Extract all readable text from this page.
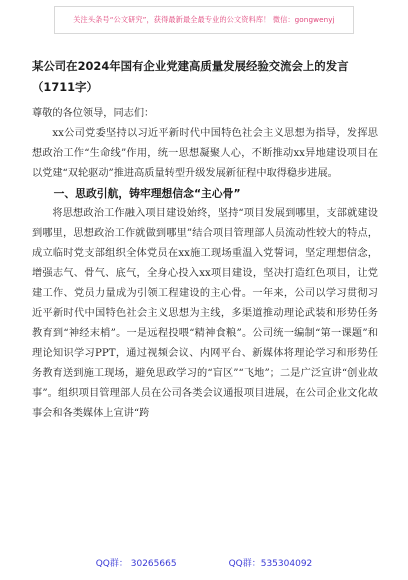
关注头条号“公文研究”，获得最新最全最专业的公文资料库！ 微信：gongwenyj
某公司在2024年国有企业党建高质量发展经验交流会上的发言（1711字）

尊敬的各位领导，同志们：

xx公司党委坚持以习近平新时代中国特色社会主义思想为指导，发挥思想政治工作“生命线”作用，统一思想凝聚人心，不断推动xx异地建设项目在以党建“双轮驱动”推进高质量转型升级发展新征程中取得稳步进展。

一、思政引航，铸牢理想信念“主心骨”

将思想政治工作融入项目建设始终，坚持“项目发展到哪里，支部就建设到哪里，思想政治工作就做到哪里”结合项目管理部人员流动性较大的特点，成立临时党支部组织全体党员在xx施工现场重温入党誓词，坚定理想信念，增强志气、骨气、底气，全身心投入xx项目建设，坚决打造红色项目，让党建工作、党员力量成为引领工程建设的主心骨。一年来，公司以学习贯彻习近平新时代中国特色社会主义思想为主线，多渠道推动理论武装和形势任务教育到“神经末梢”。一是远程投喂“精神食粮”。公司统一编制“第一课题”和理论知识学习PPT，通过视频会议、内网平台、新媒体将理论学习和形势任务教育送到施工现场，避免思政学习的“盲区”“飞地”；二是广泛宣讲“创业故事”。组织项目管理部人员在公司各类会议通报项目进展，在公司企业文化故事会和各类媒体上宣讲“跨

QQ群： 30265665	QQ群：535304092
